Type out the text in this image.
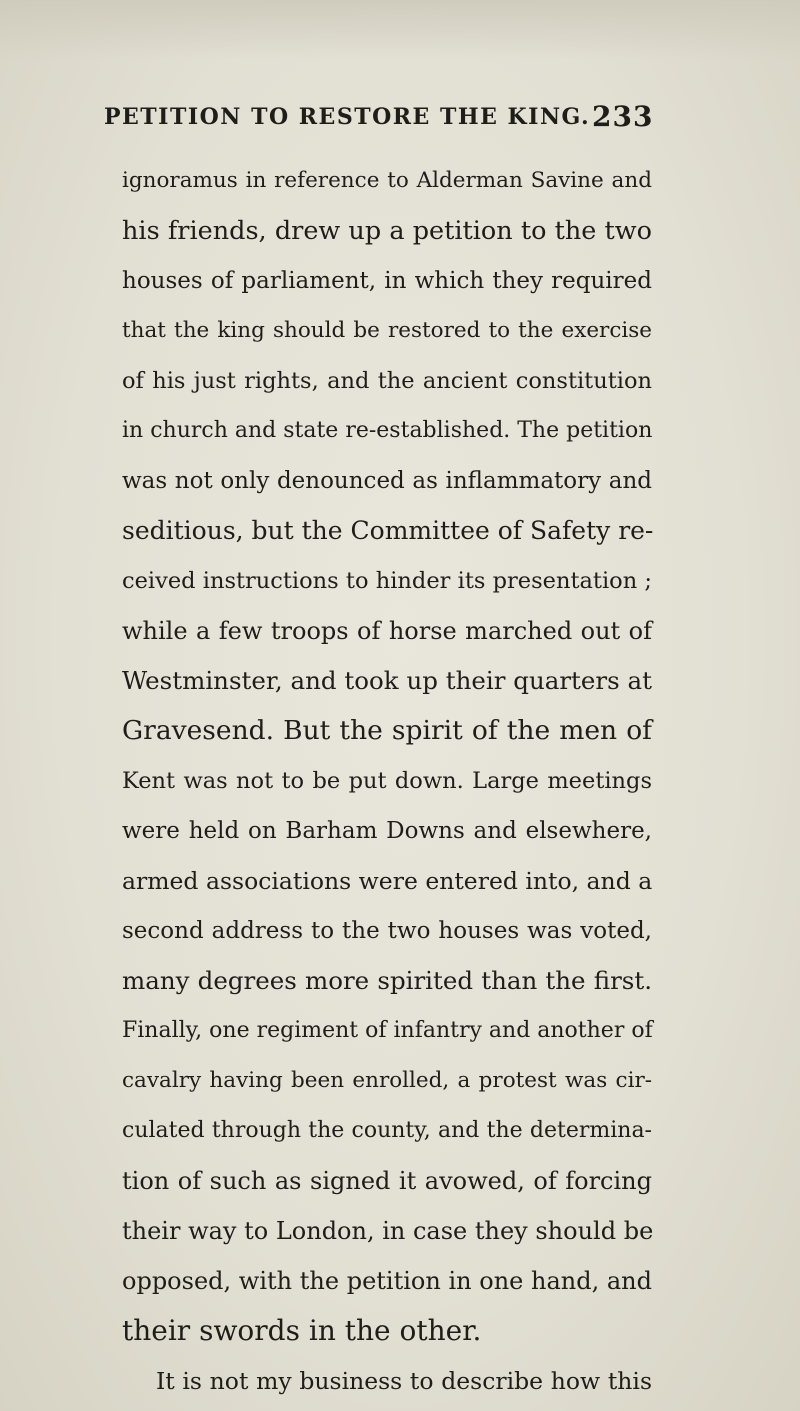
PETITION TO RESTORE THE KING. 233
ignoramus in reference to Alderman Savine and
his friends, drew up a petition to the two
houses of parliament, in which they required
that the king should be restored to the exercise
of his just rights, and the ancient constitution
in church and state re-established. The petition
was not only denounced as inflammatory and
seditious, but the Committee of Safety re-
ceived instructions to hinder its presentation ;
while a few troops of horse marched out of
Westminster, and took up their quarters at
Gravesend. But the spirit of the men of
Kent was not to be put down. Large meetings
were held on Barham Downs and elsewhere,
armed associations were entered into, and a
second address to the two houses was voted,
many degrees more spirited than the first.
Finally, one regiment of infantry and another of
cavalry having been enrolled, a protest was cir-
culated through the county, and the determina-
tion of such as signed it avowed, of forcing
their way to London, in case they should be
opposed, with the petition in one hand, and
their swords in the other.
It is not my business to describe how this
